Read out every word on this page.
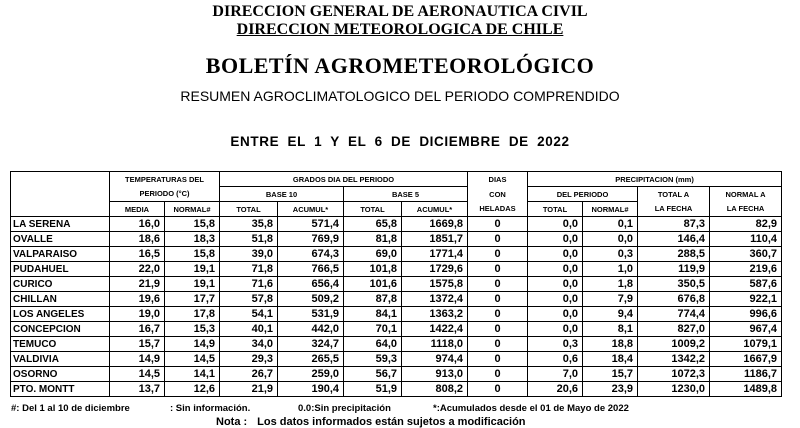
DIRECCION GENERAL DE AERONAUTICA CIVIL
DIRECCION METEOROLOGICA DE CHILE
BOLETÍN AGROMETEOROLÓGICO
RESUMEN AGROCLIMATOLOGICO DEL PERIODO COMPRENDIDO
ENTRE EL 1 Y EL 6 DE DICIEMBRE DE 2022
	TEMPERATURAS DEL		GRADOS DIA DEL PERIODO				DIAS	PRECIPITACION (mm)			
	PERIODO (°C)		BASE 10		BASE 5		CON	DEL PERIODO		TOTAL A	NORMAL A
	MEDIA	NORMAL#	TOTAL	ACUMUL*	TOTAL	ACUMUL*	HELADAS	TOTAL	NORMAL#	LA FECHA	LA FECHA
LA SERENA	16,0	15,8	35,8	571,4	65,8	1669,8	0	0,0	0,1	87,3	82,9
OVALLE	18,6	18,3	51,8	769,9	81,8	1851,7	0	0,0	0,0	146,4	110,4
VALPARAISO	16,5	15,8	39,0	674,3	69,0	1771,4	0	0,0	0,3	288,5	360,7
PUDAHUEL	22,0	19,1	71,8	766,5	101,8	1729,6	0	0,0	1,0	119,9	219,6
CURICO	21,9	19,1	71,6	656,4	101,6	1575,8	0	0,0	1,8	350,5	587,6
CHILLAN	19,6	17,7	57,8	509,2	87,8	1372,4	0	0,0	7,9	676,8	922,1
LOS ANGELES	19,0	17,8	54,1	531,9	84,1	1363,2	0	0,0	9,4	774,4	996,6
CONCEPCION	16,7	15,3	40,1	442,0	70,1	1422,4	0	0,0	8,1	827,0	967,4
TEMUCO	15,7	14,9	34,0	324,7	64,0	1118,0	0	0,3	18,8	1009,2	1079,1
VALDIVIA	14,9	14,5	29,3	265,5	59,3	974,4	0	0,6	18,4	1342,2	1667,9
OSORNO	14,5	14,1	26,7	259,0	56,7	913,0	0	7,0	15,7	1072,3	1186,7
PTO. MONTT	13,7	12,6	21,9	190,4	51,9	808,2	0	20,6	23,9	1230,0	1489,8
#: Del 1 al 10 de diciembre	: Sin información.	0.0:Sin precipitación	*:Acumulados desde el 01 de Mayo de 2022
Nota : Los datos informados están sujetos a modificación
